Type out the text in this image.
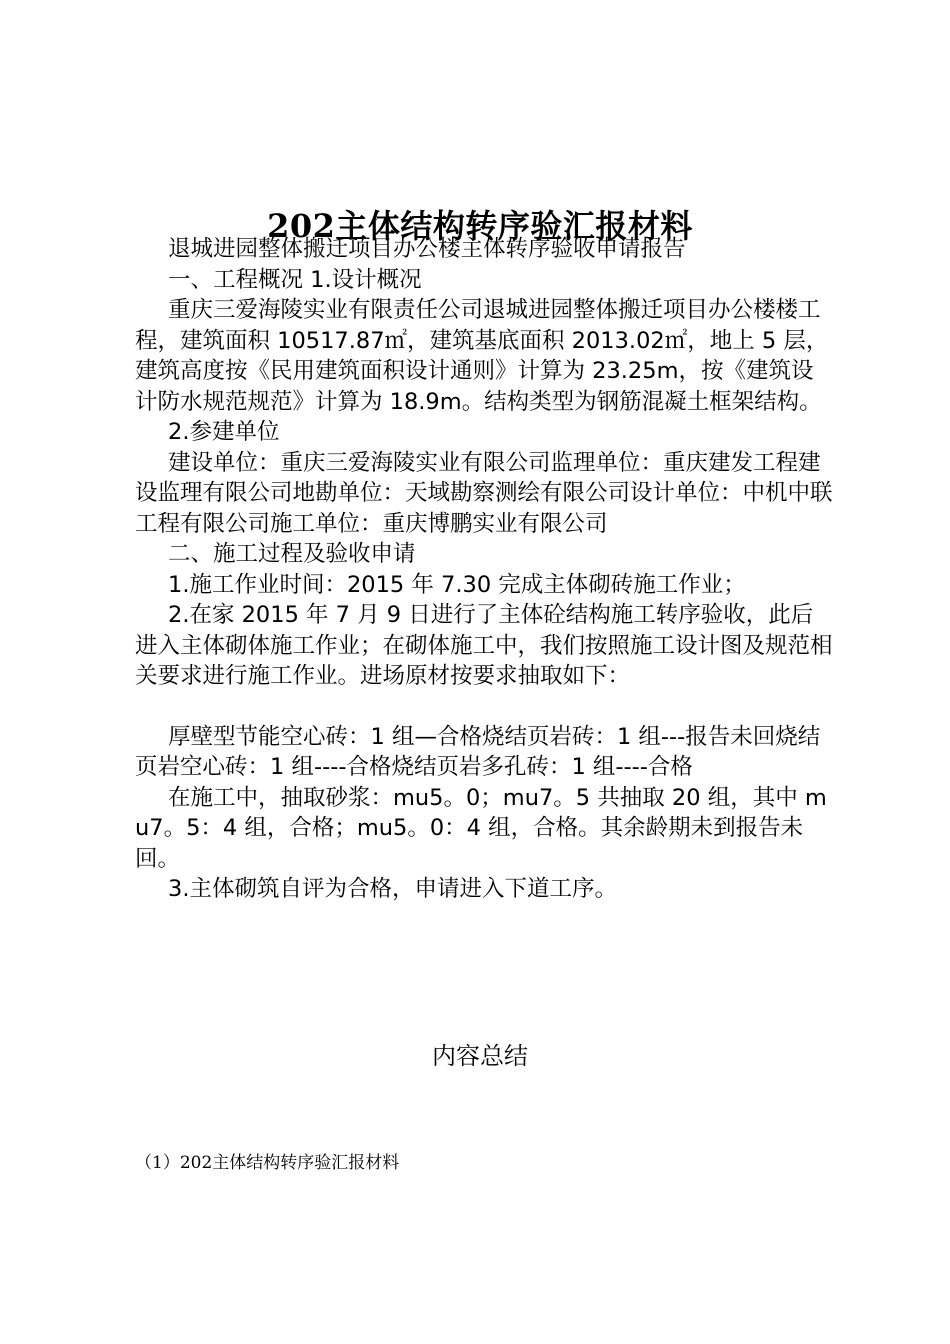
202主体结构转序验汇报材料

退城进园整体搬迁项目办公楼主体转序验收申请报告

一、工程概况 1.设计概况

重庆三爱海陵实业有限责任公司退城进园整体搬迁项目办公楼楼工程，建筑面积 10517.87㎡，建筑基底面积 2013.02㎡，地上 5 层，建筑高度按《民用建筑面积设计通则》计算为 23.25m，按《建筑设计防水规范规范》计算为 18.9m。结构类型为钢筋混凝土框架结构。

2.参建单位

建设单位：重庆三爱海陵实业有限公司监理单位：重庆建发工程建设监理有限公司地勘单位：天域勘察测绘有限公司设计单位：中机中联工程有限公司施工单位：重庆博鹏实业有限公司

二、施工过程及验收申请

1.施工作业时间：2015 年 7.30 完成主体砌砖施工作业；

2.在家 2015 年 7 月 9 日进行了主体砼结构施工转序验收，此后进入主体砌体施工作业；在砌体施工中，我们按照施工设计图及规范相关要求进行施工作业。进场原材按要求抽取如下：

厚壁型节能空心砖：1 组—合格烧结页岩砖：1 组---报告未回烧结页岩空心砖：1 组----合格烧结页岩多孔砖：1 组----合格

在施工中，抽取砂浆：mu5。0；mu7。5 共抽取 20 组，其中 mu7。5：4 组，合格；mu5。0：4 组，合格。其余龄期未到报告未回。

3.主体砌筑自评为合格，申请进入下道工序。

内容总结
（1）202主体结构转序验汇报材料
